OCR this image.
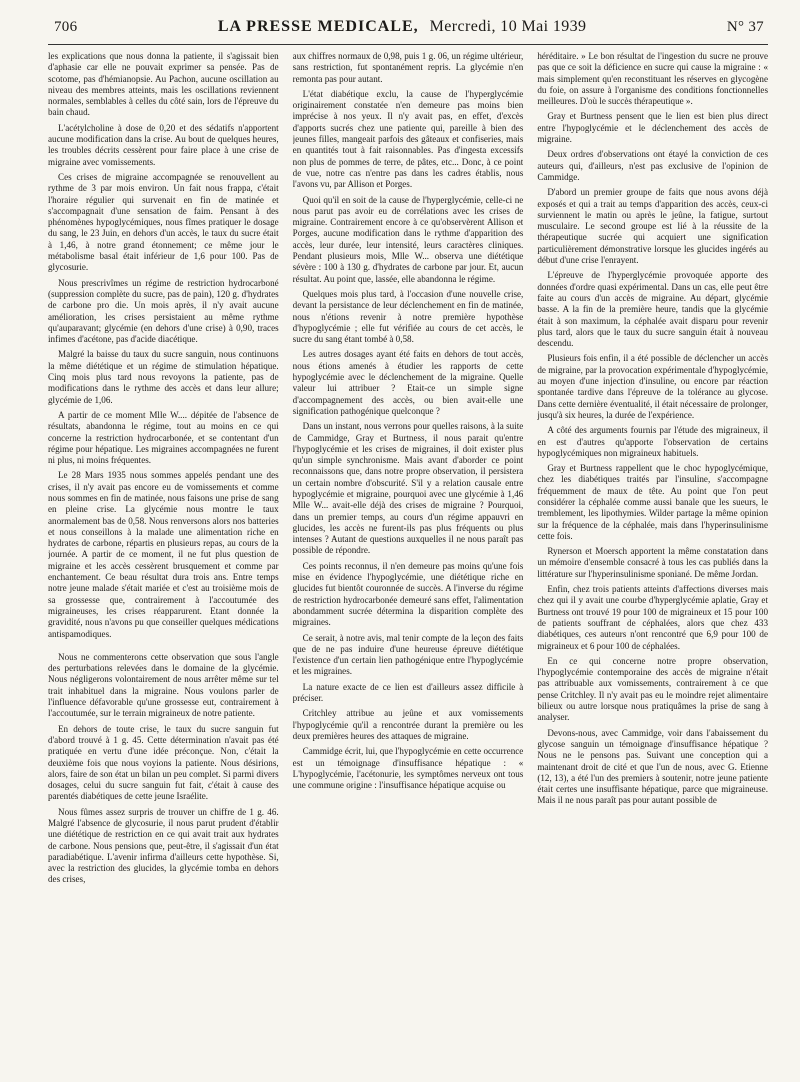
706	LA PRESSE MEDICALE, Mercredi, 10 Mai 1939	N° 37

les explications que nous donna la patiente, il s'agissait bien d'aphasie car elle ne pouvait exprimer sa pensée. Pas de scotome, pas d'hémianopsie. Au Pachon, aucune oscillation au niveau des membres atteints, mais les oscillations reviennent normales, semblables à celles du côté sain, lors de l'épreuve du bain chaud.

L'acétylcholine à dose de 0,20 et des sédatifs n'apportent aucune modification dans la crise. Au bout de quelques heures, les troubles décrits cessèrent pour faire place à une crise de migraine avec vomissements.

Ces crises de migraine accompagnée se renouvellent au rythme de 3 par mois environ. Un fait nous frappa, c'était l'horaire régulier qui survenait en fin de matinée et s'accompagnait d'une sensation de faim. Pensant à des phénomènes hypoglycémiques, nous fîmes pratiquer le dosage du sang, le 23 Juin, en dehors d'un accès, le taux du sucre était à 1,46, à notre grand étonnement; ce même jour le métabolisme basal était inférieur de 1,6 pour 100. Pas de glycosurie.

Nous prescrivîmes un régime de restriction hydrocarboné (suppression complète du sucre, pas de pain), 120 g. d'hydrates de carbone pro die. Un mois après, il n'y avait aucune amélioration, les crises persistaient au même rythme qu'auparavant; glycémie (en dehors d'une crise) à 0,90, traces infimes d'acétone, pas d'acide diacétique.

Malgré la baisse du taux du sucre sanguin, nous continuons la même diététique et un régime de stimulation hépatique. Cinq mois plus tard nous revoyons la patiente, pas de modifications dans le rythme des accès et dans leur allure; glycémie de 1,06.

A partir de ce moment Mlle W.... dépitée de l'absence de résultats, abandonna le régime, tout au moins en ce qui concerne la restriction hydrocarbonée, et se contentant d'un régime pour hépatique. Les migraines accompagnées ne furent ni plus, ni moins fréquentes.

Le 28 Mars 1935 nous sommes appelés pendant une des crises, il n'y avait pas encore eu de vomissements et comme nous sommes en fin de matinée, nous faisons une prise de sang en pleine crise. La glycémie nous montre le taux anormalement bas de 0,58. Nous renversons alors nos batteries et nous conseillons à la malade une alimentation riche en hydrates de carbone, répartis en plusieurs repas, au cours de la journée. A partir de ce moment, il ne fut plus question de migraine et les accès cessèrent brusquement et comme par enchantement. Ce beau résultat dura trois ans. Entre temps notre jeune malade s'était mariée et c'est au troisième mois de sa grossesse que, contrairement à l'accoutumée des migraineuses, les crises réapparurent. Etant donnée la gravidité, nous n'avons pu que conseiller quelques médications antispamodiques.

Nous ne commenterons cette observation que sous l'angle des perturbations relevées dans le domaine de la glycémie. Nous négligerons volontairement de nous arrêter même sur tel trait inhabituel dans la migraine. Nous voulons parler de l'influence défavorable qu'une grossesse eut, contrairement à l'accoutumée, sur le terrain migraineux de notre patiente.

En dehors de toute crise, le taux du sucre sanguin fut d'abord trouvé à 1 g. 45. Cette détermination n'avait pas été pratiquée en vertu d'une idée préconçue. Non, c'était la deuxième fois que nous voyions la patiente. Nous désirions, alors, faire de son état un bilan un peu complet. Si parmi divers dosages, celui du sucre sanguin fut fait, c'était à cause des parentés diabétiques de cette jeune Israélite.

Nous fûmes assez surpris de trouver un chiffre de 1 g. 46. Malgré l'absence de glycosurie, il nous parut prudent d'établir une diététique de restriction en ce qui avait trait aux hydrates de carbone. Nous pensions que, peut-être, il s'agissait d'un état paradiabétique. L'avenir infirma d'ailleurs cette hypothèse. Si, avec la restriction des glucides, la glycémie tomba en dehors des crises,

aux chiffres normaux de 0,98, puis 1 g. 06, un régime ultérieur, sans restriction, fut spontanément repris. La glycémie n'en remonta pas pour autant.

L'état diabétique exclu, la cause de l'hyperglycémie originairement constatée n'en demeure pas moins bien imprécise à nos yeux. Il n'y avait pas, en effet, d'excès d'apports sucrés chez une patiente qui, pareille à bien des jeunes filles, mangeait parfois des gâteaux et confiseries, mais en quantités tout à fait raisonnables. Pas d'ingesta excessifs non plus de pommes de terre, de pâtes, etc... Donc, à ce point de vue, notre cas n'entre pas dans les cadres établis, nous l'avons vu, par Allison et Porges.

Quoi qu'il en soit de la cause de l'hyperglycémie, celle-ci ne nous parut pas avoir eu de corrélations avec les crises de migraine. Contrairement encore à ce qu'observèrent Allison et Porges, aucune modification dans le rythme d'apparition des accès, leur durée, leur intensité, leurs caractères cliniques. Pendant plusieurs mois, Mlle W... observa une diététique sévère : 100 à 130 g. d'hydrates de carbone par jour. Et, aucun résultat. Au point que, lassée, elle abandonna le régime.

Quelques mois plus tard, à l'occasion d'une nouvelle crise, devant la persistance de leur déclenchement en fin de matinée, nous n'étions revenir à notre première hypothèse d'hypoglycémie ; elle fut vérifiée au cours de cet accès, le sucre du sang étant tombé à 0,58.

Les autres dosages ayant été faits en dehors de tout accès, nous étions amenés à étudier les rapports de cette hypoglycémie avec le déclenchement de la migraine. Quelle valeur lui attribuer ? Etait-ce un simple signe d'accompagnement des accès, ou bien avait-elle une signification pathogénique quelconque ?

Dans un instant, nous verrons pour quelles raisons, à la suite de Cammidge, Gray et Burtness, il nous parait qu'entre l'hypoglycémie et les crises de migraines, il doit exister plus qu'un simple synchronisme. Mais avant d'aborder ce point reconnaissons que, dans notre propre observation, il persistera un certain nombre d'obscurité. S'il y a relation causale entre hypoglycémie et migraine, pourquoi avec une glycémie à 1,46 Mlle W... avait-elle déjà des crises de migraine ? Pourquoi, dans un premier temps, au cours d'un régime appauvri en glucides, les accès ne furent-ils pas plus fréquents ou plus intenses ? Autant de questions auxquelles il ne nous paraît pas possible de répondre.

Ces points reconnus, il n'en demeure pas moins qu'une fois mise en évidence l'hypoglycémie, une diététique riche en glucides fut bientôt couronnée de succès. A l'inverse du régime de restriction hydrocarbonée demeuré sans effet, l'alimentation abondamment sucrée détermina la disparition complète des migraines.

Ce serait, à notre avis, mal tenir compte de la leçon des faits que de ne pas induire d'une heureuse épreuve diététique l'existence d'un certain lien pathogénique entre l'hypoglycémie et les migraines.

La nature exacte de ce lien est d'ailleurs assez difficile à préciser.

Critchley attribue au jeûne et aux vomissements l'hypoglycémie qu'il a rencontrée durant la première ou les deux premières heures des attaques de migraine.

Cammidge écrit, lui, que l'hypoglycémie en cette occurrence est un témoignage d'insuffisance hépatique : « L'hypoglycémie, l'acétonurie, les symptômes nerveux ont tous une commune origine : l'insuffisance hépatique acquise ou

héréditaire. » Le bon résultat de l'ingestion du sucre ne prouve pas que ce soit la déficience en sucre qui cause la migraine : « mais simplement qu'en reconstituant les réserves en glycogène du foie, on assure à l'organisme des conditions fonctionnelles meilleures. D'où le succès thérapeutique ».

Gray et Burtness pensent que le lien est bien plus direct entre l'hypoglycémie et le déclenchement des accès de migraine.

Deux ordres d'observations ont étayé la conviction de ces auteurs qui, d'ailleurs, n'est pas exclusive de l'opinion de Cammidge.

D'abord un premier groupe de faits que nous avons déjà exposés et qui a trait au temps d'apparition des accès, ceux-ci surviennent le matin ou après le jeûne, la fatigue, surtout musculaire. Le second groupe est lié à la réussite de la thérapeutique sucrée qui acquiert une signification particulièrement démonstrative lorsque les glucides ingérés au début d'une crise l'enrayent.

L'épreuve de l'hyperglycémie provoquée apporte des données d'ordre quasi expérimental. Dans un cas, elle peut être faite au cours d'un accès de migraine. Au départ, glycémie basse. A la fin de la première heure, tandis que la glycémie était à son maximum, la céphalée avait disparu pour revenir plus tard, alors que le taux du sucre sanguin était à nouveau descendu.

Plusieurs fois enfin, il a été possible de déclencher un accès de migraine, par la provocation expérimentale d'hypoglycémie, au moyen d'une injection d'insuline, ou encore par réaction spontanée tardive dans l'épreuve de la tolérance au glycose. Dans cette dernière éventualité, il était nécessaire de prolonger, jusqu'à six heures, la durée de l'expérience.

A côté des arguments fournis par l'étude des migraineux, il en est d'autres qu'apporte l'observation de certains hypoglycémiques non migraineux habituels.

Gray et Burtness rappellent que le choc hypoglycémique, chez les diabétiques traités par l'insuline, s'accompagne fréquemment de maux de tête. Au point que l'on peut considérer la céphalée comme aussi banale que les sueurs, le tremblement, les lipothymies. Wilder partage la même opinion sur la fréquence de la céphalée, mais dans l'hyperinsulinisme cette fois.

Rynerson et Moersch apportent la même constatation dans un mémoire d'ensemble consacré à tous les cas publiés dans la littérature sur l'hyperinsulinisme sponiané. De même Jordan.

Enfin, chez trois patients atteints d'affections diverses mais chez qui il y avait une courbe d'hyperglycémie aplatie, Gray et Burtness ont trouvé 19 pour 100 de migraineux et 15 pour 100 de patients souffrant de céphalées, alors que chez 433 diabétiques, ces auteurs n'ont rencontré que 6,9 pour 100 de migraineux et 6 pour 100 de céphalées.

En ce qui concerne notre propre observation, l'hypoglycémie contemporaine des accès de migraine n'était pas attribuable aux vomissements, contrairement à ce que pense Critchley. Il n'y avait pas eu le moindre rejet alimentaire bilieux ou autre lorsque nous pratiquâmes la prise de sang à analyser.

Devons-nous, avec Cammidge, voir dans l'abaissement du glycose sanguin un témoignage d'insuffisance hépatique ? Nous ne le pensons pas. Suivant une conception qui a maintenant droit de cité et que l'un de nous, avec G. Etienne (12, 13), a été l'un des premiers à soutenir, notre jeune patiente était certes une insuffisante hépatique, parce que migraineuse. Mais il ne nous paraît pas pour autant possible de
